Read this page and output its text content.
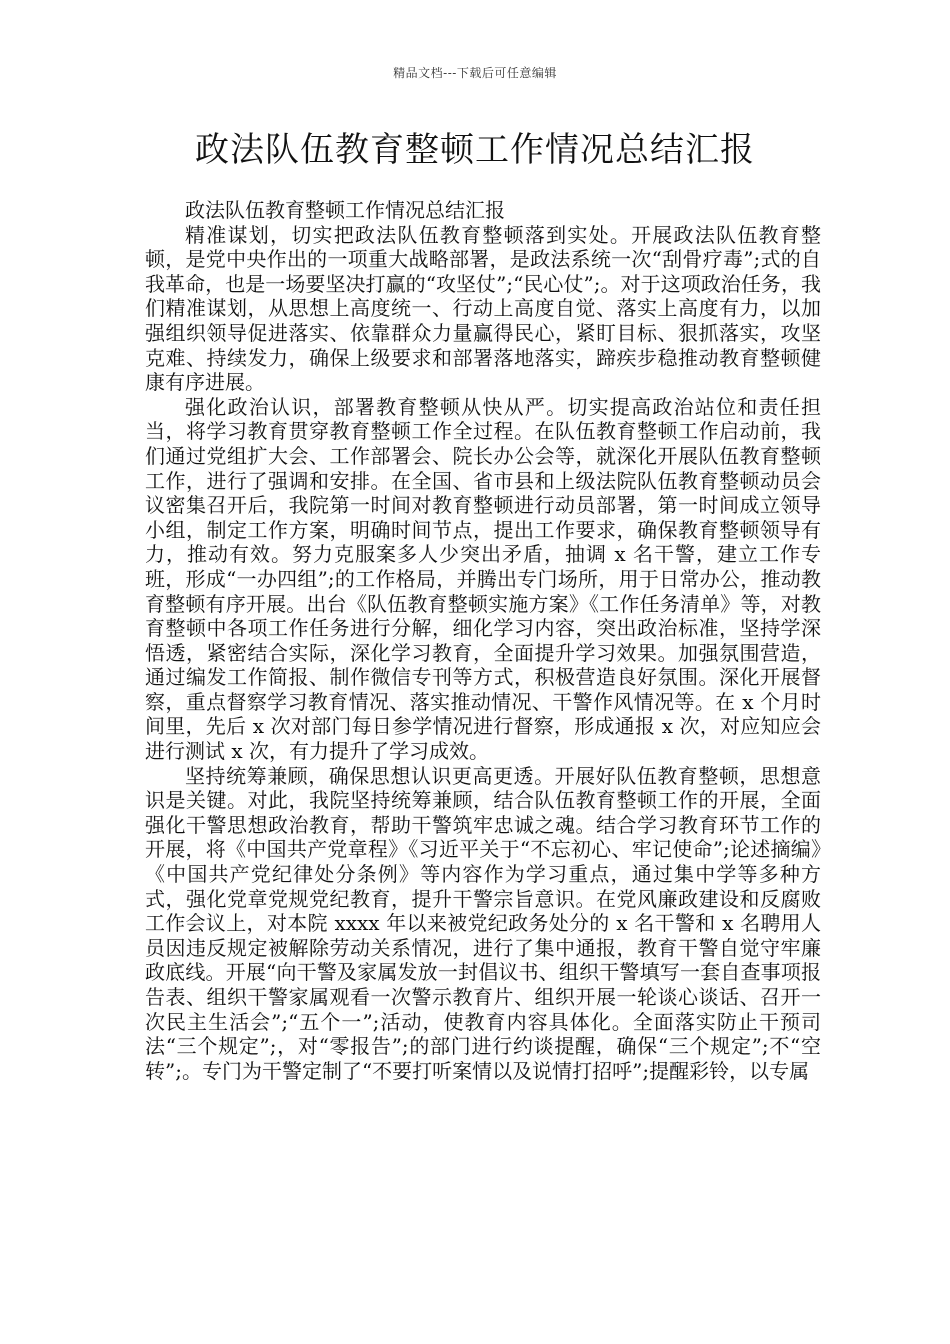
精品文档---下载后可任意编辑
政法队伍教育整顿工作情况总结汇报

政法队伍教育整顿工作情况总结汇报

精准谋划，切实把政法队伍教育整顿落到实处。开展政法队伍教育整顿，是党中央作出的一项重大战略部署，是政法系统一次“刮骨疗毒”;式的自我革命，也是一场要坚决打赢的“攻坚仗”;“民心仗”;。对于这项政治任务，我们精准谋划，从思想上高度统一、行动上高度自觉、落实上高度有力，以加强组织领导促进落实、依靠群众力量赢得民心，紧盯目标、狠抓落实，攻坚克难、持续发力，确保上级要求和部署落地落实，蹄疾步稳推动教育整顿健康有序进展。

强化政治认识，部署教育整顿从快从严。切实提高政治站位和责任担当，将学习教育贯穿教育整顿工作全过程。在队伍教育整顿工作启动前，我们通过党组扩大会、工作部署会、院长办公会等，就深化开展队伍教育整顿工作，进行了强调和安排。在全国、省市县和上级法院队伍教育整顿动员会议密集召开后，我院第一时间对教育整顿进行动员部署，第一时间成立领导小组，制定工作方案，明确时间节点，提出工作要求，确保教育整顿领导有力，推动有效。努力克服案多人少突出矛盾，抽调 x 名干警，建立工作专班，形成“一办四组”;的工作格局，并腾出专门场所，用于日常办公，推动教育整顿有序开展。出台《队伍教育整顿实施方案》《工作任务清单》等，对教育整顿中各项工作任务进行分解，细化学习内容，突出政治标准，坚持学深悟透，紧密结合实际，深化学习教育，全面提升学习效果。加强氛围营造，通过编发工作简报、制作微信专刊等方式，积极营造良好氛围。深化开展督察，重点督察学习教育情况、落实推动情况、干警作风情况等。在 x 个月时间里，先后 x 次对部门每日参学情况进行督察，形成通报 x 次，对应知应会进行测试 x 次，有力提升了学习成效。

坚持统筹兼顾，确保思想认识更高更透。开展好队伍教育整顿，思想意识是关键。对此，我院坚持统筹兼顾，结合队伍教育整顿工作的开展，全面强化干警思想政治教育，帮助干警筑牢忠诚之魂。结合学习教育环节工作的开展，将《中国共产党章程》《习近平关于“不忘初心、牢记使命”;论述摘编》《中国共产党纪律处分条例》等内容作为学习重点，通过集中学等多种方式，强化党章党规党纪教育，提升干警宗旨意识。在党风廉政建设和反腐败工作会议上，对本院 xxxx 年以来被党纪政务处分的 x 名干警和 x 名聘用人员因违反规定被解除劳动关系情况，进行了集中通报，教育干警自觉守牢廉政底线。开展“向干警及家属发放一封倡议书、组织干警填写一套自查事项报告表、组织干警家属观看一次警示教育片、组织开展一轮谈心谈话、召开一次民主生活会”;“五个一”;活动，使教育内容具体化。全面落实防止干预司法“三个规定”;，对“零报告”;的部门进行约谈提醒，确保“三个规定”;不“空转”;。专门为干警定制了“不要打听案情以及说情打招呼”;提醒彩铃，以专属
